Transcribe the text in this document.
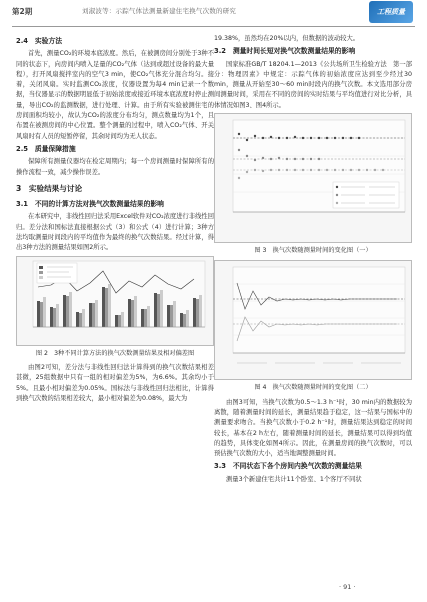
第2期	刘淑波等：示踪气体法测量新建住宅换气次数的研究	工程质量
2.4　实验方法

首先，测量CO₂的环境本底浓度。然后，在被测房间分别处于3种不同的状态下，向房间内喷入足量的CO₂气体（达到或超过设备的最大量程），打开风扇搅拌室内的空气3 min，使CO₂气体充分混合均匀。接着，关闭风扇。实时监测CO₂浓度，仪器设置为每4 min记录一个数据，当仪器显示的数据明显低于初始浓度或接近环境本底浓度时停止测量，导出CO₂的监测数据，进行处理、计算。由于所有实验被测住宅的房间面积均较小，故认为CO₂的浓度分布均匀，测点数量均为1个，且布置在被测房间的中心位置。整个测量的过程中，喷入CO₂气体、开关风扇时有人员的短暂停留，其余时间均为无人状态。

2.5　质量保障措施

保障所有测量仪器均在检定周期内；每一个房间测量时保障所有的操作流程一致，减少操作误差。

3　实验结果与讨论
3.1　不同的计算方法对换气次数测量结果的影响

在本研究中，非线性回归法采用Excel软件对CO₂浓度进行非线性回归。差分法和国标法直接根据公式（3）和公式（4）进行计算；3种方法均取测量时间段内的平均值作为最终的换气次数结果。经过计算，得出3种方法的测量结果如图2所示。

图 2　3种不同计算方法的换气次数测量结果及相对偏差图

由图2可知，差分法与非线性回归法计算得到的换气次数结果相差甚微，25组数据中只有一组的相对偏差为5%，为6.6%。其余均小于5%。且最小相对偏差为0.05%。国标法与非线性回归法相比，计算得到换气次数的结果相差较大，最小相对偏差为0.08%，最大为

19.38%，虽然均在20%以内，但数据的波动较大。

3.2　测量时间长短对换气次数测量结果的影响

国家标准GB/T 18204.1—2013《公共场所卫生检验方法　第一部分：物理因素》中规定：示踪气体的初始浓度应达到至少经过30 min，测量从开始至30～60 min时段内的换气次数。本文选用部分房间测量时间，采用在不同的房间的实时结果与平均值进行对比分析，具体情况如图3、图4所示。

图 3　换气次数随测量时间的变化图（一）
图 4　换气次数随测量时间的变化图（二）

由图3可知，当换气次数为0.5～1.3 h⁻¹时，30 min内的数据较为离散，随着测量时间的延长，测量结果趋于稳定，这一结果与国标中的测量要求吻合。当换气次数小于0.2 h⁻¹时，测量结果达到稳定的时间较长，基本在2 h左右，随着测量时间的延长，测量结果可以得到均值的趋势，具体变化如图4所示。因此，在测量房间的换气次数时，可以预估换气次数的大小，适当地调整测量时间。

3.3　不同状态下各个房间内换气次数的测量结果

测量3个新建住宅共计11个卧室、1个客厅不同状

· 91 ·
